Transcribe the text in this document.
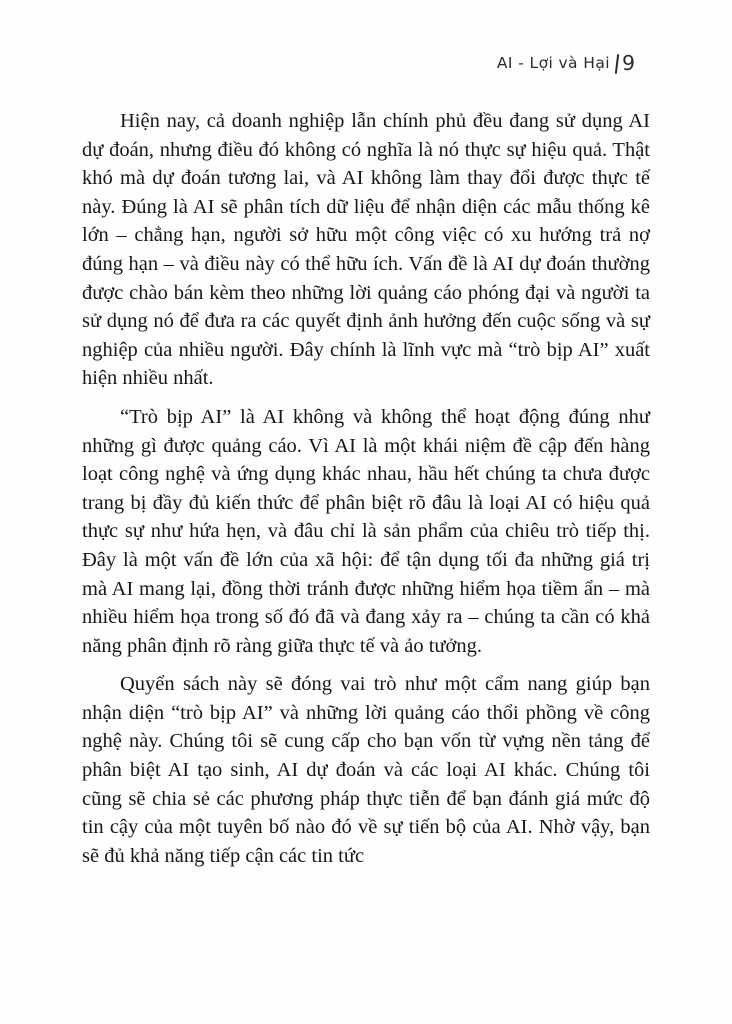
AI - Lợi và Hại 9

Hiện nay, cả doanh nghiệp lẫn chính phủ đều đang sử dụng AI dự đoán, nhưng điều đó không có nghĩa là nó thực sự hiệu quả. Thật khó mà dự đoán tương lai, và AI không làm thay đổi được thực tế này. Đúng là AI sẽ phân tích dữ liệu để nhận diện các mẫu thống kê lớn – chẳng hạn, người sở hữu một công việc có xu hướng trả nợ đúng hạn – và điều này có thể hữu ích. Vấn đề là AI dự đoán thường được chào bán kèm theo những lời quảng cáo phóng đại và người ta sử dụng nó để đưa ra các quyết định ảnh hưởng đến cuộc sống và sự nghiệp của nhiều người. Đây chính là lĩnh vực mà “trò bịp AI” xuất hiện nhiều nhất.

“Trò bịp AI” là AI không và không thể hoạt động đúng như những gì được quảng cáo. Vì AI là một khái niệm đề cập đến hàng loạt công nghệ và ứng dụng khác nhau, hầu hết chúng ta chưa được trang bị đầy đủ kiến thức để phân biệt rõ đâu là loại AI có hiệu quả thực sự như hứa hẹn, và đâu chỉ là sản phẩm của chiêu trò tiếp thị. Đây là một vấn đề lớn của xã hội: để tận dụng tối đa những giá trị mà AI mang lại, đồng thời tránh được những hiểm họa tiềm ẩn – mà nhiều hiểm họa trong số đó đã và đang xảy ra – chúng ta cần có khả năng phân định rõ ràng giữa thực tế và ảo tưởng.

Quyển sách này sẽ đóng vai trò như một cẩm nang giúp bạn nhận diện “trò bịp AI” và những lời quảng cáo thổi phồng về công nghệ này. Chúng tôi sẽ cung cấp cho bạn vốn từ vựng nền tảng để phân biệt AI tạo sinh, AI dự đoán và các loại AI khác. Chúng tôi cũng sẽ chia sẻ các phương pháp thực tiễn để bạn đánh giá mức độ tin cậy của một tuyên bố nào đó về sự tiến bộ của AI. Nhờ vậy, bạn sẽ đủ khả năng tiếp cận các tin tức
